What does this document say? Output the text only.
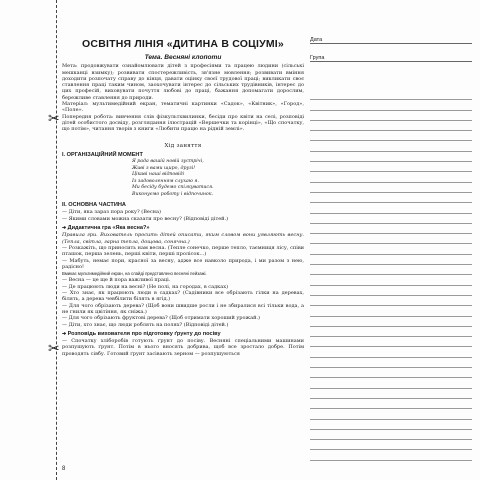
✂
✂
Дата
Група
ОСВІТНЯ ЛІНІЯ «ДИТИНА В СОЦІУМІ»
Тема. Весняні клопоти

Мета: продовжувати ознайомлювати дітей з професіями та працею людини (сільські мешканці взимку); розвивати спостережливість, зв'язне мовлення; розвивати вміння доходити розпочату справу до кінця, давати оцінку своєї трудової праці; викликати своє ставлення праці таким чином, заохочувати інтерес до сільських трудівників, інтерес до цих професій, виховувати почуття любові до праці, бажання допомагати дорослим, бережливе ставлення до природи.

Матеріал: мультимедійний екран, тематичні картинки «Садок», «Квітник», «Город», «Поле».

Попередня робота: вивчення слів фізкультхвилинки, бесіди про квіти на селі, розповіді дітей особистого досвіду, розглядання ілюстрацій «Вершечки та корінці», «Що спочатку, що потім», читання творів з книги «Любити працю на рідній землі».

Хід заняття
I. ОРГАНІЗАЦІЙНИЙ МОМЕНТ
Я рада вашій новій зустрічі,
Живі з вами щиро, друзі!
Цікаві наші відповіді
Із задоволенням слухаю я.
Ми бесіду будемо спілкуватися.
Виконуємо роботу і відпочинок.
II. ОСНОВНА ЧАСТИНА

— Діти, яка зараз пора року? (Весна)

— Якими словами можна сказати про весну? (Відповіді дітей.)

➔ Дидактична гра «Яка весна?»

Правила гри. Вихователь просить дітей описати, яким словом вони уявляють весну. (Тепла, світла, гарна тепла, дощова, сонячна.)

— Розкажіть, що приносить нам весна. (Тепле сонечко, перше тепло, таємниця лісу, співи пташок, перша зелень, перші квіти, перші пролісок...)

— Мабуть, немає пори, красної за весну, адже все навколо природа, і ми разом з нею, радісно!

Вмикає мультимедійний екран, на слайді представлено весняні пейзажі.

— Весна — це ще й пора важливої праці.

— Де працюють люди на весні? (Не полі, на городах, в садках)

— Хто знає, як працюють люди в садках? (Садівники все обрізають гілки на деревах, білять, а дерева чевбілити білять в ягід.)

— Для чого обрізають дерева? (Щоб вони швидше росли і не збиралися всі тільки вода, а не гнили як цвітіння, як сніжа.)

— Для чого обрізають фруктові дерева? (Щоб отримати хороший урожай.)

— Діти, хто знає, що люди роблять на полях? (Відповіді дітей.)

➔ Розповідь вихователя про підготовку ґрунту до посіву

— Спочатку хліборобів готують ґрунт до посіву. Весняні спеціальними машинами розпушують ґрунт. Потім в нього вносять добрива, щоб все зростало добре. Потім проводять сівбу. Готовий ґрунт засівають зерном — розпушуються

8
